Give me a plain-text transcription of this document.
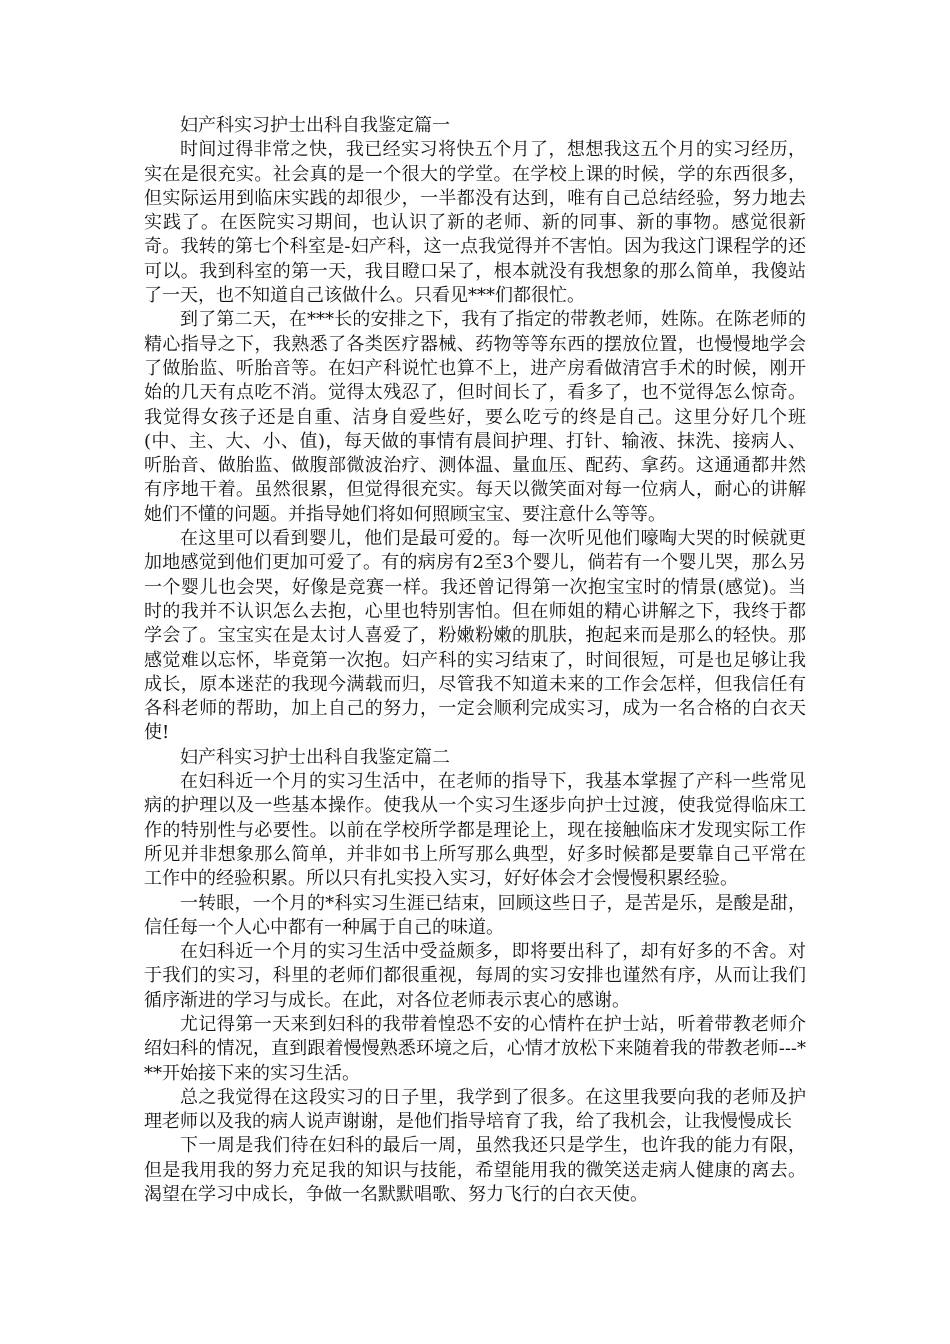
妇产科实习护士出科自我鉴定篇一

时间过得非常之快，我已经实习将快五个月了，想想我这五个月的实习经历，实在是很充实。社会真的是一个很大的学堂。在学校上课的时候，学的东西很多，但实际运用到临床实践的却很少，一半都没有达到，唯有自己总结经验，努力地去实践了。在医院实习期间，也认识了新的老师、新的同事、新的事物。感觉很新奇。我转的第七个科室是-妇产科，这一点我觉得并不害怕。因为我这门课程学的还可以。我到科室的第一天，我目瞪口呆了，根本就没有我想象的那么简单，我傻站了一天，也不知道自己该做什么。只看见***们都很忙。

到了第二天，在***长的安排之下，我有了指定的带教老师，姓陈。在陈老师的精心指导之下，我熟悉了各类医疗器械、药物等等东西的摆放位置，也慢慢地学会了做胎监、听胎音等。在妇产科说忙也算不上，进产房看做清宫手术的时候，刚开始的几天有点吃不消。觉得太残忍了，但时间长了，看多了，也不觉得怎么惊奇。我觉得女孩子还是自重、洁身自爱些好，要么吃亏的终是自己。这里分好几个班(中、主、大、小、值)，每天做的事情有晨间护理、打针、输液、抹洗、接病人、听胎音、做胎监、做腹部微波治疗、测体温、量血压、配药、拿药。这通通都井然有序地干着。虽然很累，但觉得很充实。每天以微笑面对每一位病人，耐心的讲解她们不懂的问题。并指导她们将如何照顾宝宝、要注意什么等等。

在这里可以看到婴儿，他们是最可爱的。每一次听见他们嚎啕大哭的时候就更加地感觉到他们更加可爱了。有的病房有2至3个婴儿，倘若有一个婴儿哭，那么另一个婴儿也会哭，好像是竞赛一样。我还曾记得第一次抱宝宝时的情景(感觉)。当时的我并不认识怎么去抱，心里也特别害怕。但在师姐的精心讲解之下，我终于都学会了。宝宝实在是太讨人喜爱了，粉嫩粉嫩的肌肤，抱起来而是那么的轻快。那感觉难以忘怀，毕竟第一次抱。妇产科的实习结束了，时间很短，可是也足够让我成长，原本迷茫的我现今满载而归，尽管我不知道未来的工作会怎样，但我信任有各科老师的帮助，加上自己的努力，一定会顺利完成实习，成为一名合格的白衣天使!

妇产科实习护士出科自我鉴定篇二

在妇科近一个月的实习生活中，在老师的指导下，我基本掌握了产科一些常见病的护理以及一些基本操作。使我从一个实习生逐步向护士过渡，使我觉得临床工作的特别性与必要性。以前在学校所学都是理论上，现在接触临床才发现实际工作所见并非想象那么简单，并非如书上所写那么典型，好多时候都是要靠自己平常在工作中的经验积累。所以只有扎实投入实习，好好体会才会慢慢积累经验。

一转眼，一个月的*科实习生涯已结束，回顾这些日子，是苦是乐，是酸是甜，信任每一个人心中都有一种属于自己的味道。

在妇科近一个月的实习生活中受益颇多，即将要出科了，却有好多的不舍。对于我们的实习，科里的老师们都很重视，每周的实习安排也谨然有序，从而让我们循序渐进的学习与成长。在此，对各位老师表示衷心的感谢。

尤记得第一天来到妇科的我带着惶恐不安的心情杵在护士站，听着带教老师介绍妇科的情况，直到跟着慢慢熟悉环境之后，心情才放松下来随着我的带教老师---***开始接下来的实习生活。

总之我觉得在这段实习的日子里，我学到了很多。在这里我要向我的老师及护理老师以及我的病人说声谢谢，是他们指导培育了我，给了我机会，让我慢慢成长

下一周是我们待在妇科的最后一周，虽然我还只是学生，也许我的能力有限，但是我用我的努力充足我的知识与技能，希望能用我的微笑送走病人健康的离去。渴望在学习中成长，争做一名默默唱歌、努力飞行的白衣天使。
